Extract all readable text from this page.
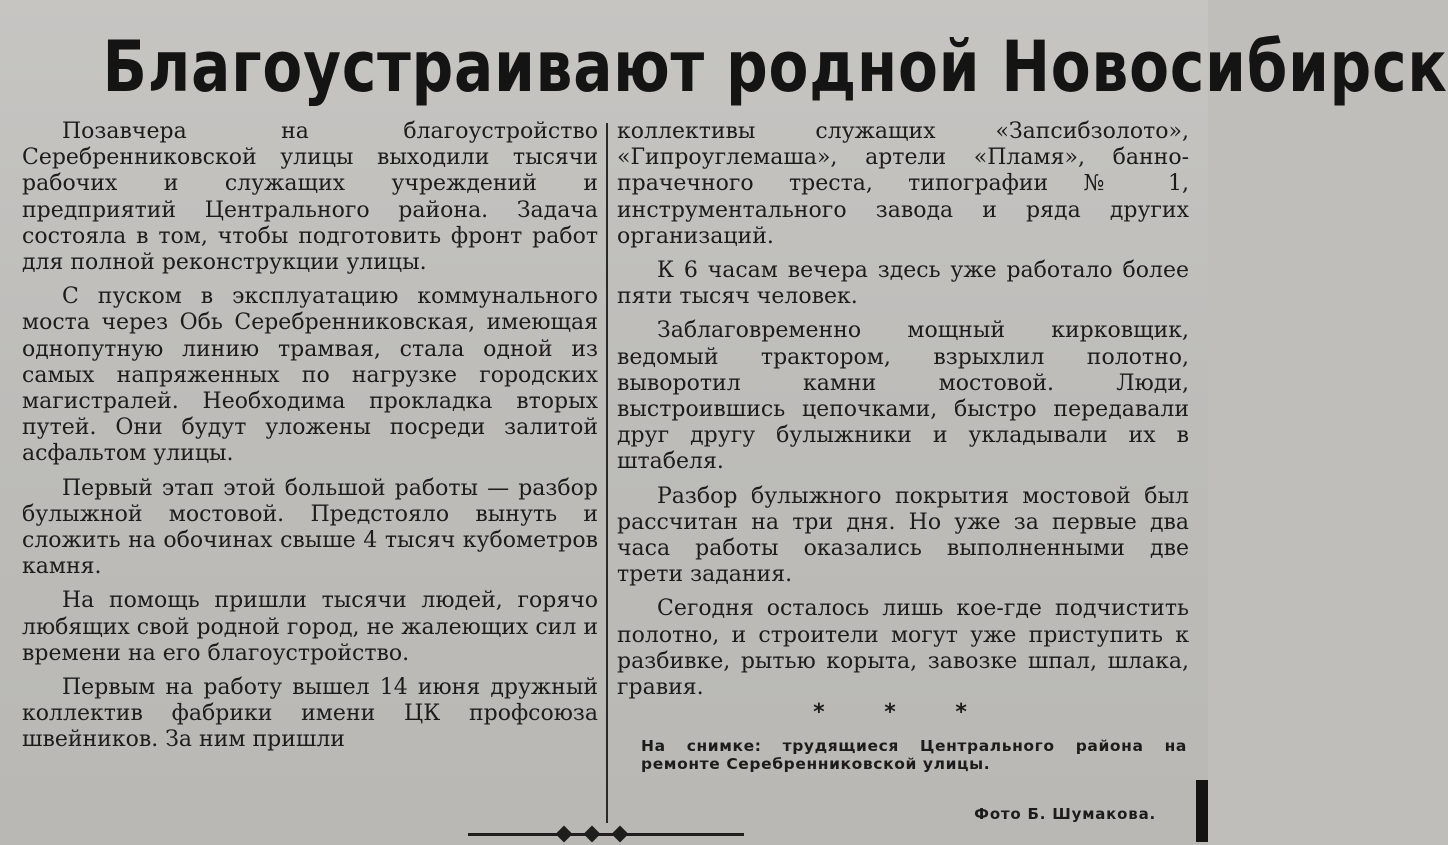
Благоустраивают родной Новосибирск

Позавчера на благоустройство Серебренниковской улицы выходили тысячи рабочих и служащих учреждений и предприятий Центрального района. Задача состояла в том, чтобы подготовить фронт работ для полной реконструкции улицы.

С пуском в эксплуатацию коммунального моста через Обь Серебренниковская, имеющая однопутную линию трамвая, стала одной из самых напряженных по нагрузке городских магистралей. Необходима прокладка вторых путей. Они будут уложены посреди залитой асфальтом улицы.

Первый этап этой большой работы — разбор булыжной мостовой. Предстояло вынуть и сложить на обочинах свыше 4 тысяч кубометров камня.

На помощь пришли тысячи людей, горячо любящих свой родной город, не жалеющих сил и времени на его благоустройство.

Первым на работу вышел 14 июня дружный коллектив фабрики имени ЦК профсоюза швейников. За ним пришли

коллективы служащих «Запсибзолото», «Гипроуглемаша», артели «Пламя», банно-прачечного треста, типографии № 1, инструментального завода и ряда других организаций.

К 6 часам вечера здесь уже работало более пяти тысяч человек.

Заблаговременно мощный кирковщик, ведомый трактором, взрыхлил полотно, выворотил камни мостовой. Люди, выстроившись цепочками, быстро передавали друг другу булыжники и укладывали их в штабеля.

Разбор булыжного покрытия мостовой был рассчитан на три дня. Но уже за первые два часа работы оказались выполненными две трети задания.

Сегодня осталось лишь кое-где подчистить полотно, и строители могут уже приступить к разбивке, рытью корыта, завозке шпал, шлака, гравия.

* * *
На снимке: трудящиеся Центрального района на ремонте Серебренниковской улицы.
Фото Б. Шумакова.
